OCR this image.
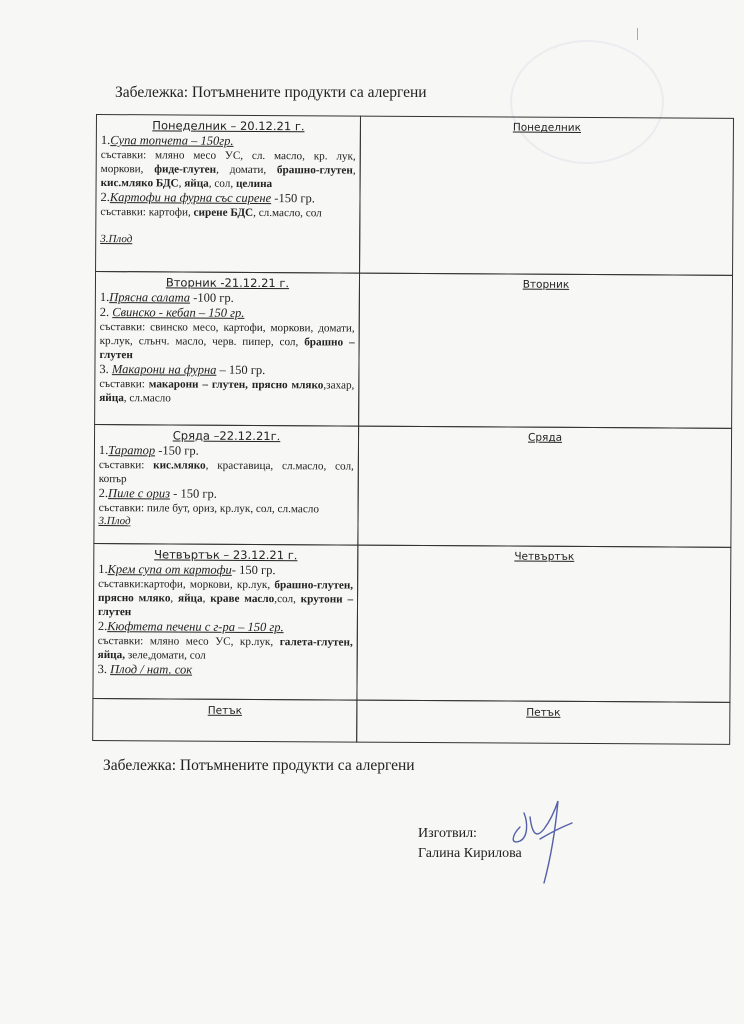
Забележка: Потъмнените продукти са алергени
Понеделник – 20.12.21 г.
1.Супа топчета – 150гр.
съставки: мляно месо УС, сл. масло, кр. лук, моркови, фиде-глутен, домати, брашно-глутен, кис.мляко БДС, яйца, сол, целина
2.Картофи на фурна със сирене -150 гр.
съставки: картофи, сирене БДС, сл.масло, сол
3.Плод
Понеделник
Вторник -21.12.21 г.
1.Прясна салата -100 гр.
2. Свинско - кебап – 150 гр.
съставки: свинско месо, картофи, моркови, домати, кр.лук, слънч. масло, черв. пипер, сол, брашно – глутен
3. Макарони на фурна – 150 гр.
съставки: макарони – глутен, прясно мляко,захар, яйца, сл.масло
Вторник
Сряда –22.12.21г.
1.Таратор -150 гр.
съставки: кис.мляко, краставица, сл.масло, сол, копър
2.Пиле с ориз - 150 гр.
съставки: пиле бут, ориз, кр.лук, сол, сл.масло
3.Плод
Сряда
Четвъртък – 23.12.21 г.
1.Крем супа от картофи- 150 гр.
съставки:картофи, моркови, кр.лук, брашно-глутен, прясно мляко, яйца, краве масло,сол, крутони – глутен
2.Кюфтета печени с г-ра – 150 гр.
съставки: мляно месо УС, кр.лук, галета-глутен, яйца, зеле,домати, сол
3. Плод / нат. сок
Четвъртък
Петък	Петък
Забележка: Потъмнените продукти са алергени
Изготвил:
Галина Кирилова
